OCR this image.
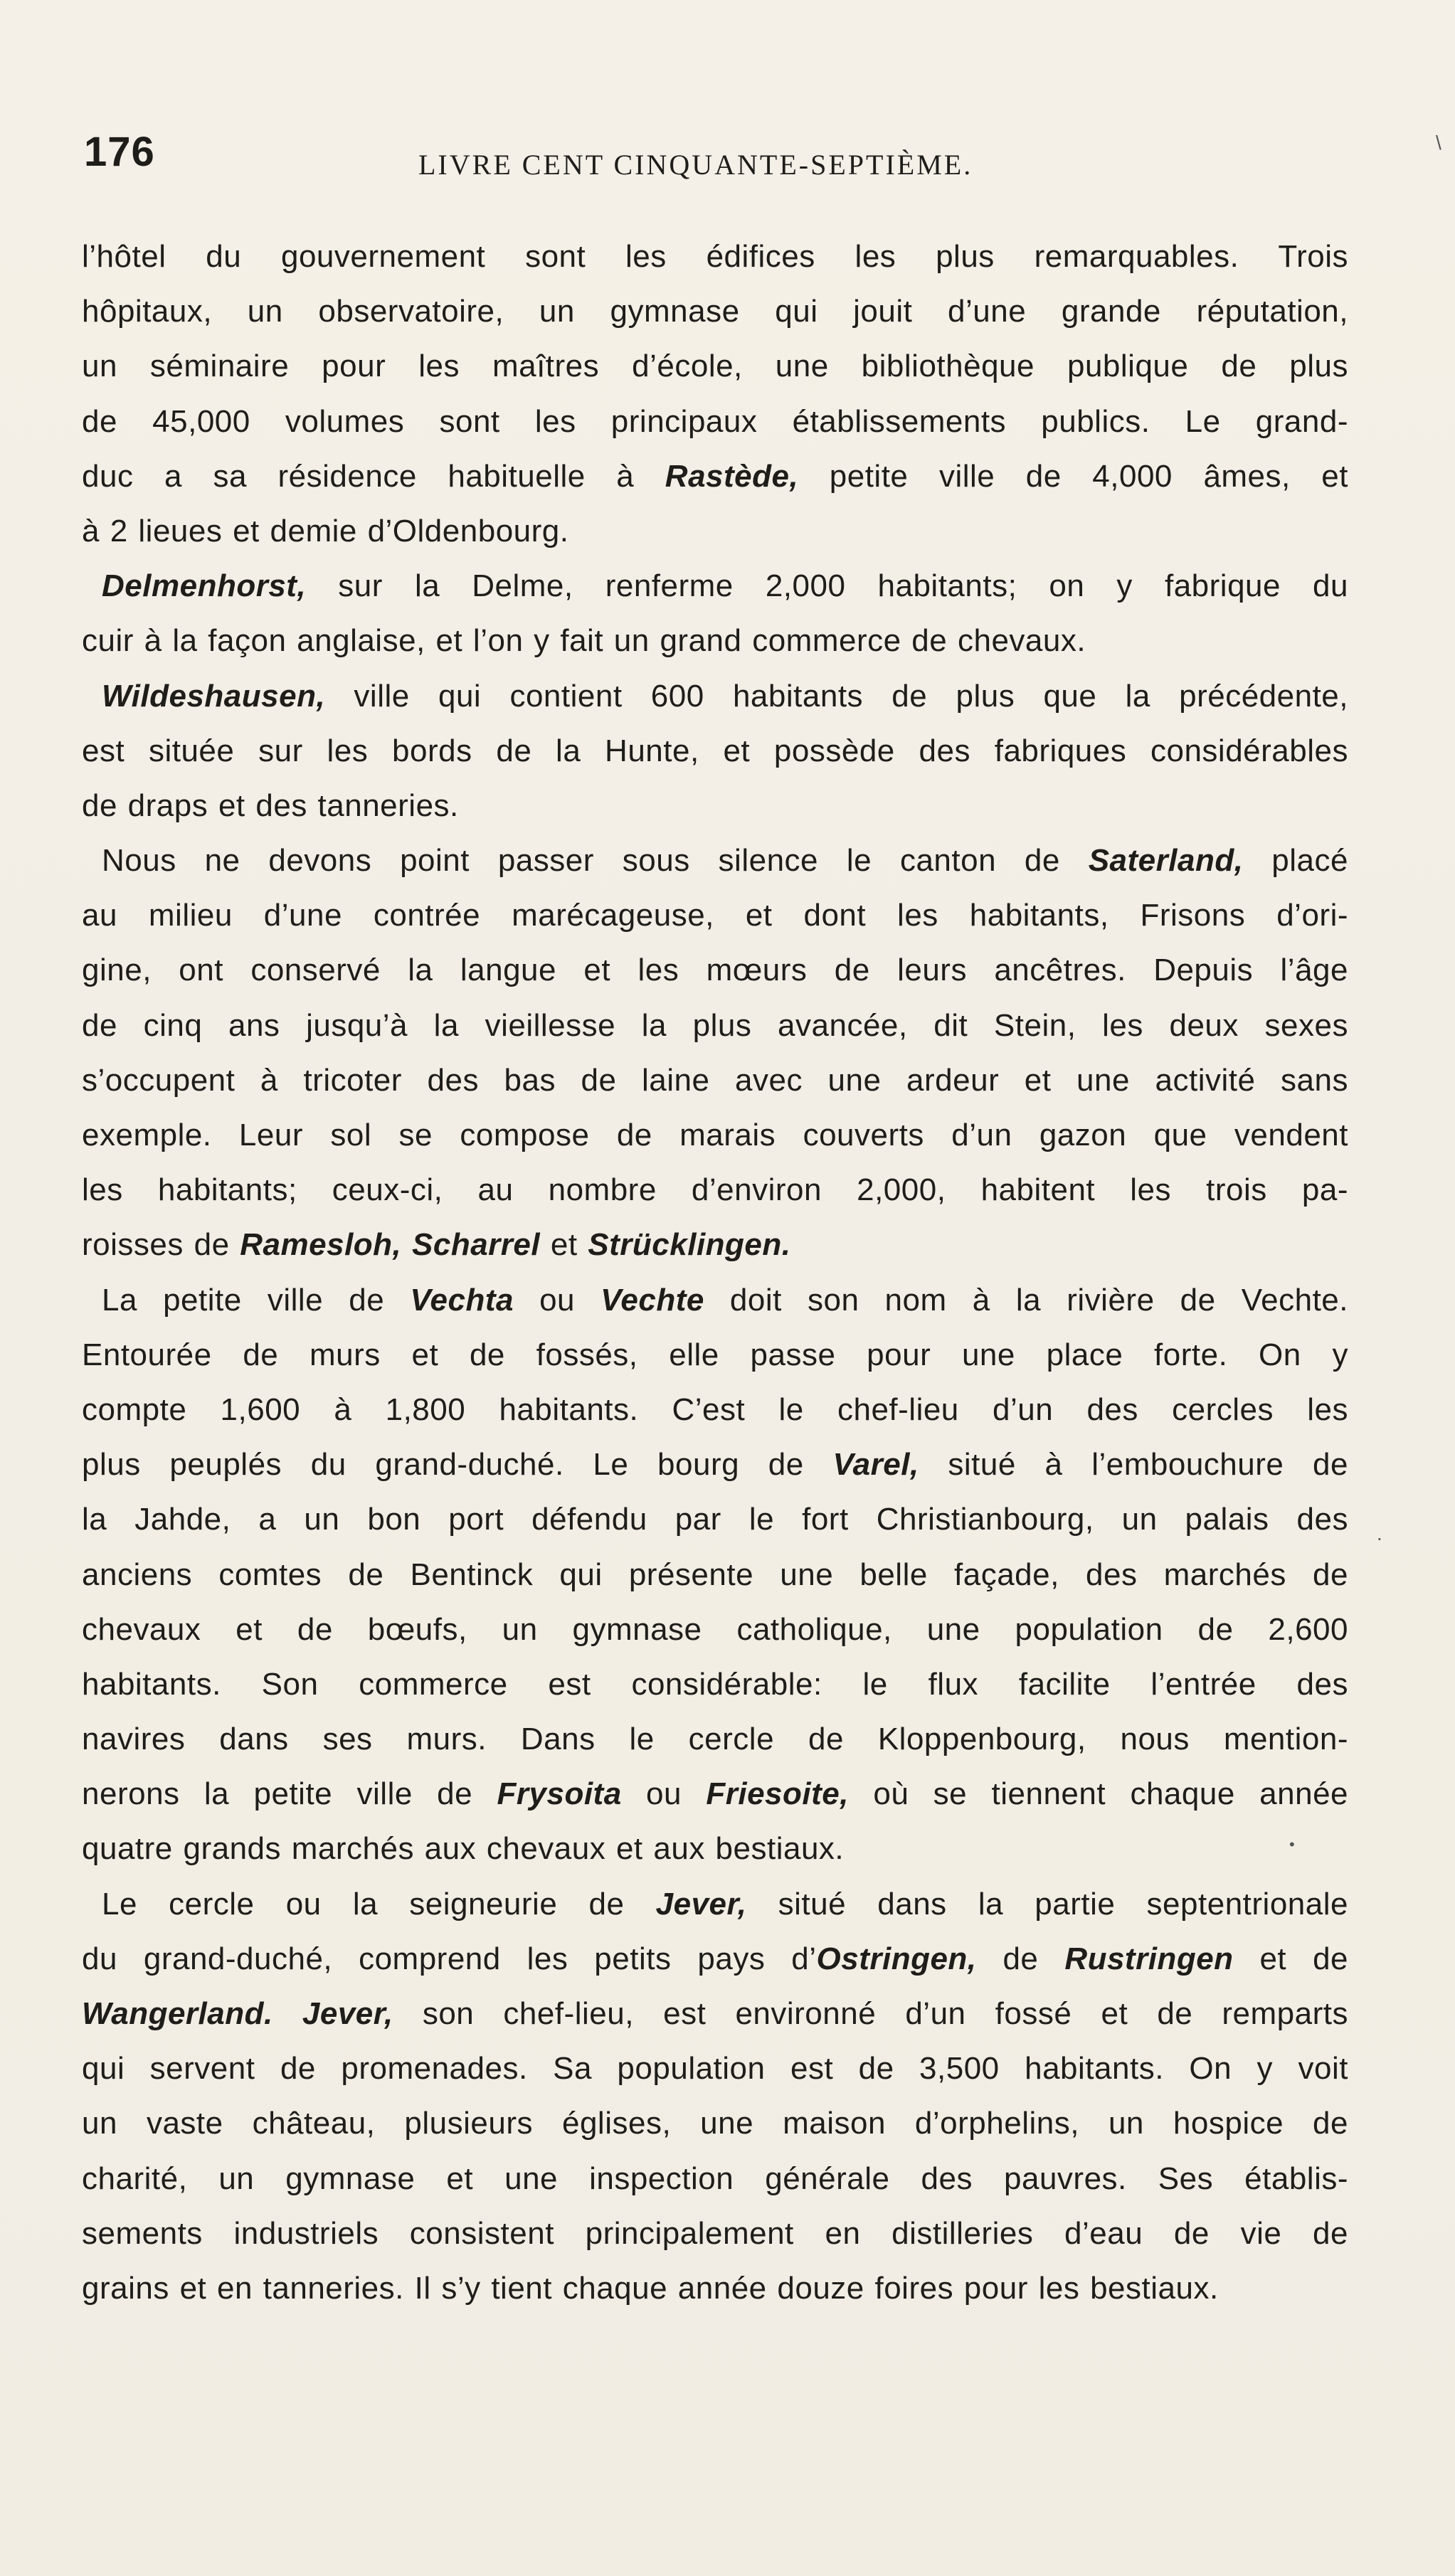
176	LIVRE CENT CINQUANTE-SEPTIÈME.
l’hôtel du gouvernement sont les édifices les plus remarquables. Trois
hôpitaux, un observatoire, un gymnase qui jouit d’une grande réputation,
un séminaire pour les maîtres d’école, une bibliothèque publique de plus
de 45,000 volumes sont les principaux établissements publics. Le grand-
duc a sa résidence habituelle à Rastède, petite ville de 4,000 âmes, et
à 2 lieues et demie d’Oldenbourg.
Delmenhorst, sur la Delme, renferme 2,000 habitants; on y fabrique du
cuir à la façon anglaise, et l’on y fait un grand commerce de chevaux.
Wildeshausen, ville qui contient 600 habitants de plus que la précédente,
est située sur les bords de la Hunte, et possède des fabriques considérables
de draps et des tanneries.
Nous ne devons point passer sous silence le canton de Saterland, placé
au milieu d’une contrée marécageuse, et dont les habitants, Frisons d’ori-
gine, ont conservé la langue et les mœurs de leurs ancêtres. Depuis l’âge
de cinq ans jusqu’à la vieillesse la plus avancée, dit Stein, les deux sexes
s’occupent à tricoter des bas de laine avec une ardeur et une activité sans
exemple. Leur sol se compose de marais couverts d’un gazon que vendent
les habitants; ceux-ci, au nombre d’environ 2,000, habitent les trois pa-
roisses de Ramesloh, Scharrel et Strücklingen.
La petite ville de Vechta ou Vechte doit son nom à la rivière de Vechte.
Entourée de murs et de fossés, elle passe pour une place forte. On y
compte 1,600 à 1,800 habitants. C’est le chef-lieu d’un des cercles les
plus peuplés du grand-duché. Le bourg de Varel, situé à l’embouchure de
la Jahde, a un bon port défendu par le fort Christianbourg, un palais des
anciens comtes de Bentinck qui présente une belle façade, des marchés de
chevaux et de bœufs, un gymnase catholique, une population de 2,600
habitants. Son commerce est considérable: le flux facilite l’entrée des
navires dans ses murs. Dans le cercle de Kloppenbourg, nous mention-
nerons la petite ville de Frysoita ou Friesoite, où se tiennent chaque année
quatre grands marchés aux chevaux et aux bestiaux.
Le cercle ou la seigneurie de Jever, situé dans la partie septentrionale
du grand-duché, comprend les petits pays d’Ostringen, de Rustringen et de
Wangerland. Jever, son chef-lieu, est environné d’un fossé et de remparts
qui servent de promenades. Sa population est de 3,500 habitants. On y voit
un vaste château, plusieurs églises, une maison d’orphelins, un hospice de
charité, un gymnase et une inspection générale des pauvres. Ses établis-
sements industriels consistent principalement en distilleries d’eau de vie de
grains et en tanneries. Il s’y tient chaque année douze foires pour les bestiaux.
\
.
•
